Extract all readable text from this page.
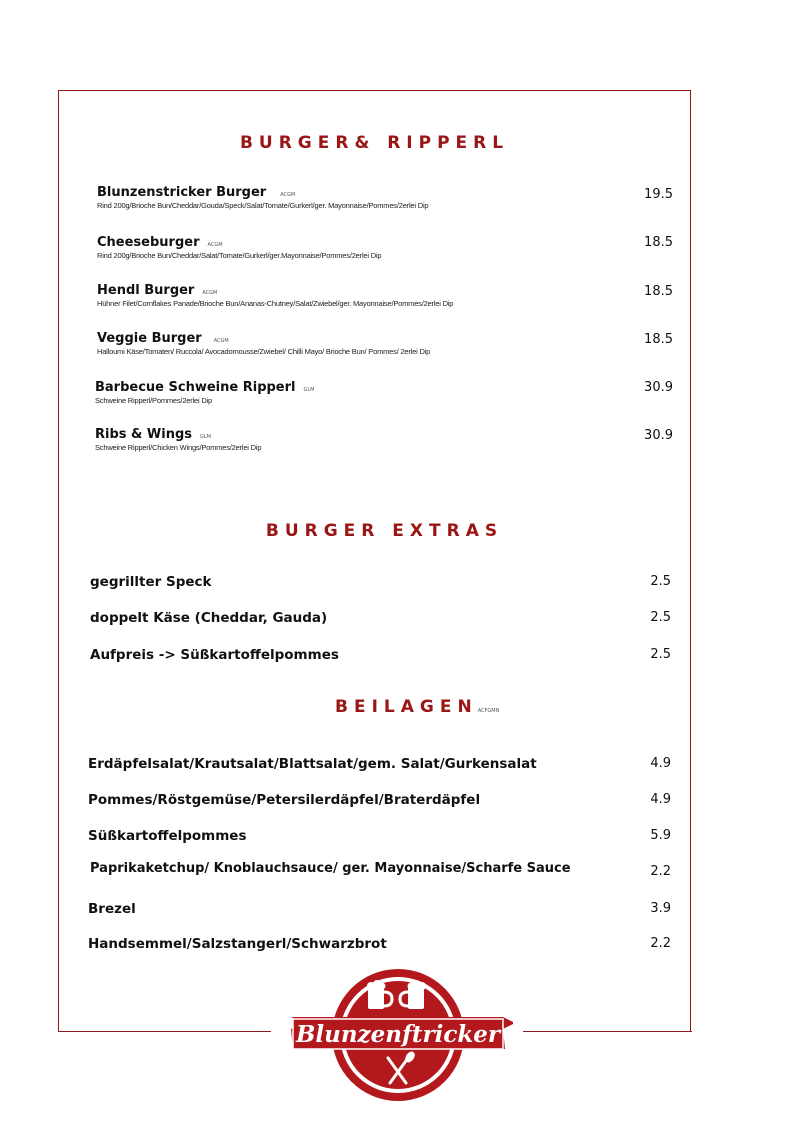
BURGER& RIPPERL
Blunzenstricker Burger	ACGM
Rind 200g/Brioche Bun/Cheddar/Gouda/Speck/Salat/Tomate/Gurkerl/ger. Mayonnaise/Pommes/2erlei Dip
19.5
Cheeseburger ACGM
Rind 200g/Brioche Bun/Cheddar/Salat/Tomate/Gurkerl/ger.Mayonnaise/Pommes/2erlei Dip
18.5
Hendl Burger ACGM
Hühner Filet/Cornflakes Panade/Brioche Bun/Ananas-Chutney/Salat/Zwiebel/ger. Mayonnaise/Pommes/2erlei Dip
18.5
Veggie Burger ACGM
Halloumi Käse/Tomaten/ Ruccola/ Avocadomousse/Zwiebel/ Chilli Mayo/ Brioche Bun/ Pommes/ 2erlei Dip
18.5
Barbecue Schweine Ripperl GLM
Schweine Ripperl/Pommes/2erlei Dip
30.9
Ribs & Wings GLM
Schweine Ripperl/Chicken Wings/Pommes/2erlei Dip
30.9
BURGER EXTRAS
gegrillter Speck	2.5
doppelt Käse (Cheddar, Gauda)	2.5
Aufpreis -> Süßkartoffelpommes	2.5
BEILAGENACFGMN
Erdäpfelsalat/Krautsalat/Blattsalat/gem. Salat/Gurkensalat	4.9
Pommes/Röstgemüse/Petersilerdäpfel/Braterdäpfel	4.9
Süßkartoffelpommes	5.9
Paprikaketchup/ Knoblauchsauce/ ger. Mayonnaise/Scharfe Sauce	2.2
Brezel	3.9
Handsemmel/Salzstangerl/Schwarzbrot	2.2
Blunzenftricker
